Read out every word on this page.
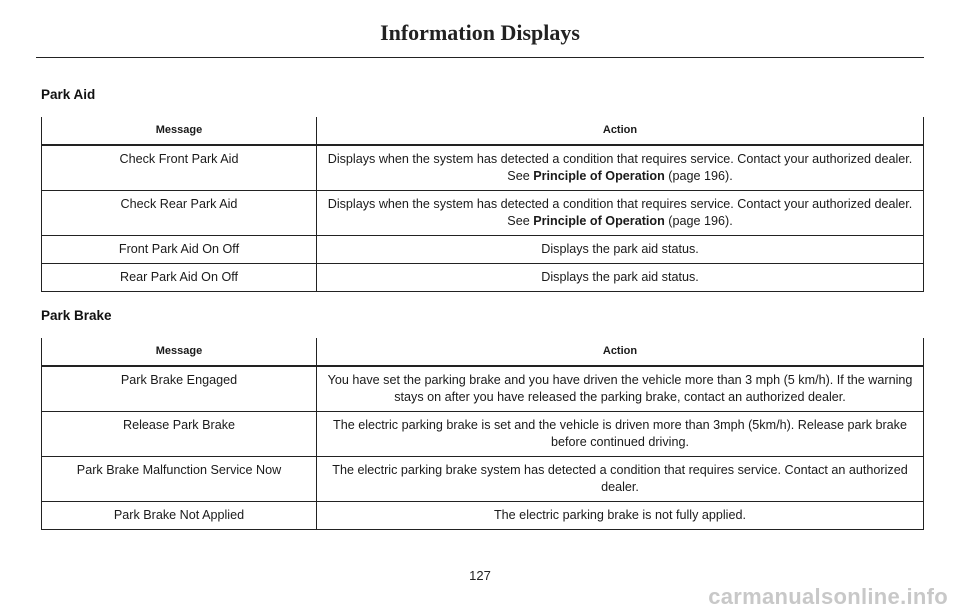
Information Displays
Park Aid
Message	Action
Check Front Park Aid	Displays when the system has detected a condition that requires service. Contact your authorized dealer. See Principle of Operation (page 196).
Check Rear Park Aid	Displays when the system has detected a condition that requires service. Contact your authorized dealer. See Principle of Operation (page 196).
Front Park Aid On Off	Displays the park aid status.
Rear Park Aid On Off	Displays the park aid status.
Park Brake
Message	Action
Park Brake Engaged	You have set the parking brake and you have driven the vehicle more than 3 mph (5 km/h). If the warning stays on after you have released the parking brake, contact an authorized dealer.
Release Park Brake	The electric parking brake is set and the vehicle is driven more than 3mph (5km/h). Release park brake before continued driving.
Park Brake Malfunction Service Now	The electric parking brake system has detected a condition that requires service. Contact an authorized dealer.
Park Brake Not Applied	The electric parking brake is not fully applied.
127
carmanualsonline.info
